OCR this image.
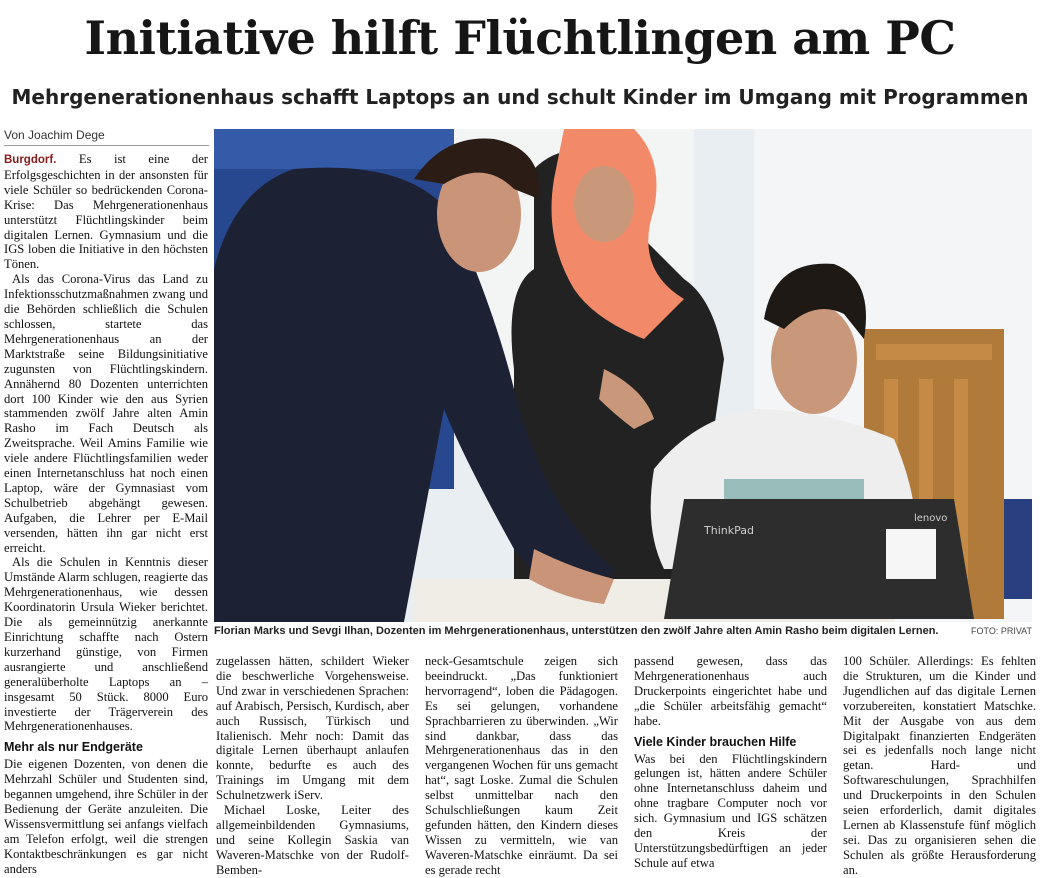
Initiative hilft Flüchtlingen am PC
Mehrgenerationenhaus schafft Laptops an und schult Kinder im Umgang mit Programmen
Von Joachim Dege

Burgdorf. Es ist eine der Erfolgsgeschichten in der ansonsten für viele Schüler so bedrückenden Corona-Krise: Das Mehrgenerationenhaus unterstützt Flüchtlingskinder beim digitalen Lernen. Gymnasium und die IGS loben die Initiative in den höchsten Tönen.

Als das Corona-Virus das Land zu Infektionsschutzmaßnahmen zwang und die Behörden schließlich die Schulen schlossen, startete das Mehrgenerationenhaus an der Marktstraße seine Bildungsinitiative zugunsten von Flüchtlingskindern. Annähernd 80 Dozenten unterrichten dort 100 Kinder wie den aus Syrien stammenden zwölf Jahre alten Amin Rasho im Fach Deutsch als Zweitsprache. Weil Amins Familie wie viele andere Flüchtlingsfamilien weder einen Internetanschluss hat noch einen Laptop, wäre der Gymnasiast vom Schulbetrieb abgehängt gewesen. Aufgaben, die Lehrer per E-Mail versenden, hätten ihn gar nicht erst erreicht.

Als die Schulen in Kenntnis dieser Umstände Alarm schlugen, reagierte das Mehrgenerationenhaus, wie dessen Koordinatorin Ursula Wieker berichtet. Die als gemeinnützig anerkannte Einrichtung schaffte nach Ostern kurzerhand günstige, von Firmen ausrangierte und anschließend generalüberholte Laptops an – insgesamt 50 Stück. 8000 Euro investierte der Trägerverein des Mehrgenerationenhauses.

Mehr als nur Endgeräte

Die eigenen Dozenten, von denen die Mehrzahl Schüler und Studenten sind, begannen umgehend, ihre Schüler in der Bedienung der Geräte anzuleiten. Die Wissensvermittlung sei anfangs vielfach am Telefon erfolgt, weil die strengen Kontaktbeschränkungen es gar nicht anders

ThinkPad
lenovo
Florian Marks und Sevgi Ilhan, Dozenten im Mehrgenerationenhaus, unterstützen den zwölf Jahre alten Amin Rasho beim digitalen Lernen.	FOTO: PRIVAT

zugelassen hätten, schildert Wieker die beschwerliche Vorgehensweise. Und zwar in verschiedenen Sprachen: auf Arabisch, Persisch, Kurdisch, aber auch Russisch, Türkisch und Italienisch. Mehr noch: Damit das digitale Lernen überhaupt anlaufen konnte, bedurfte es auch des Trainings im Umgang mit dem Schulnetzwerk iServ.

Michael Loske, Leiter des allgemeinbildenden Gymnasiums, und seine Kollegin Saskia van Waveren-Matschke von der Rudolf-Bemben-

neck-Gesamtschule zeigen sich beeindruckt. „Das funktioniert hervorragend“, loben die Pädagogen. Es sei gelungen, vorhandene Sprachbarrieren zu überwinden. „Wir sind dankbar, dass das Mehrgenerationenhaus das in den vergangenen Wochen für uns gemacht hat“, sagt Loske. Zumal die Schulen selbst unmittelbar nach den Schulschließungen kaum Zeit gefunden hätten, den Kindern dieses Wissen zu vermitteln, wie van Waveren-Matschke einräumt. Da sei es gerade recht

passend gewesen, dass das Mehrgenerationenhaus auch Druckerpoints eingerichtet habe und „die Schüler arbeitsfähig gemacht“ habe.

Viele Kinder brauchen Hilfe

Was bei den Flüchtlingskindern gelungen ist, hätten andere Schüler ohne Internetanschluss daheim und ohne tragbare Computer noch vor sich. Gymnasium und IGS schätzen den Kreis der Unterstützungsbedürftigen an jeder Schule auf etwa

100 Schüler. Allerdings: Es fehlten die Strukturen, um die Kinder und Jugendlichen auf das digitale Lernen vorzubereiten, konstatiert Matschke. Mit der Ausgabe von aus dem Digitalpakt finanzierten Endgeräten sei es jedenfalls noch lange nicht getan. Hard- und Softwareschulungen, Sprachhilfen und Druckerpoints in den Schulen seien erforderlich, damit digitales Lernen ab Klassenstufe fünf möglich sei. Das zu organisieren sehen die Schulen als größte Herausforderung an.
